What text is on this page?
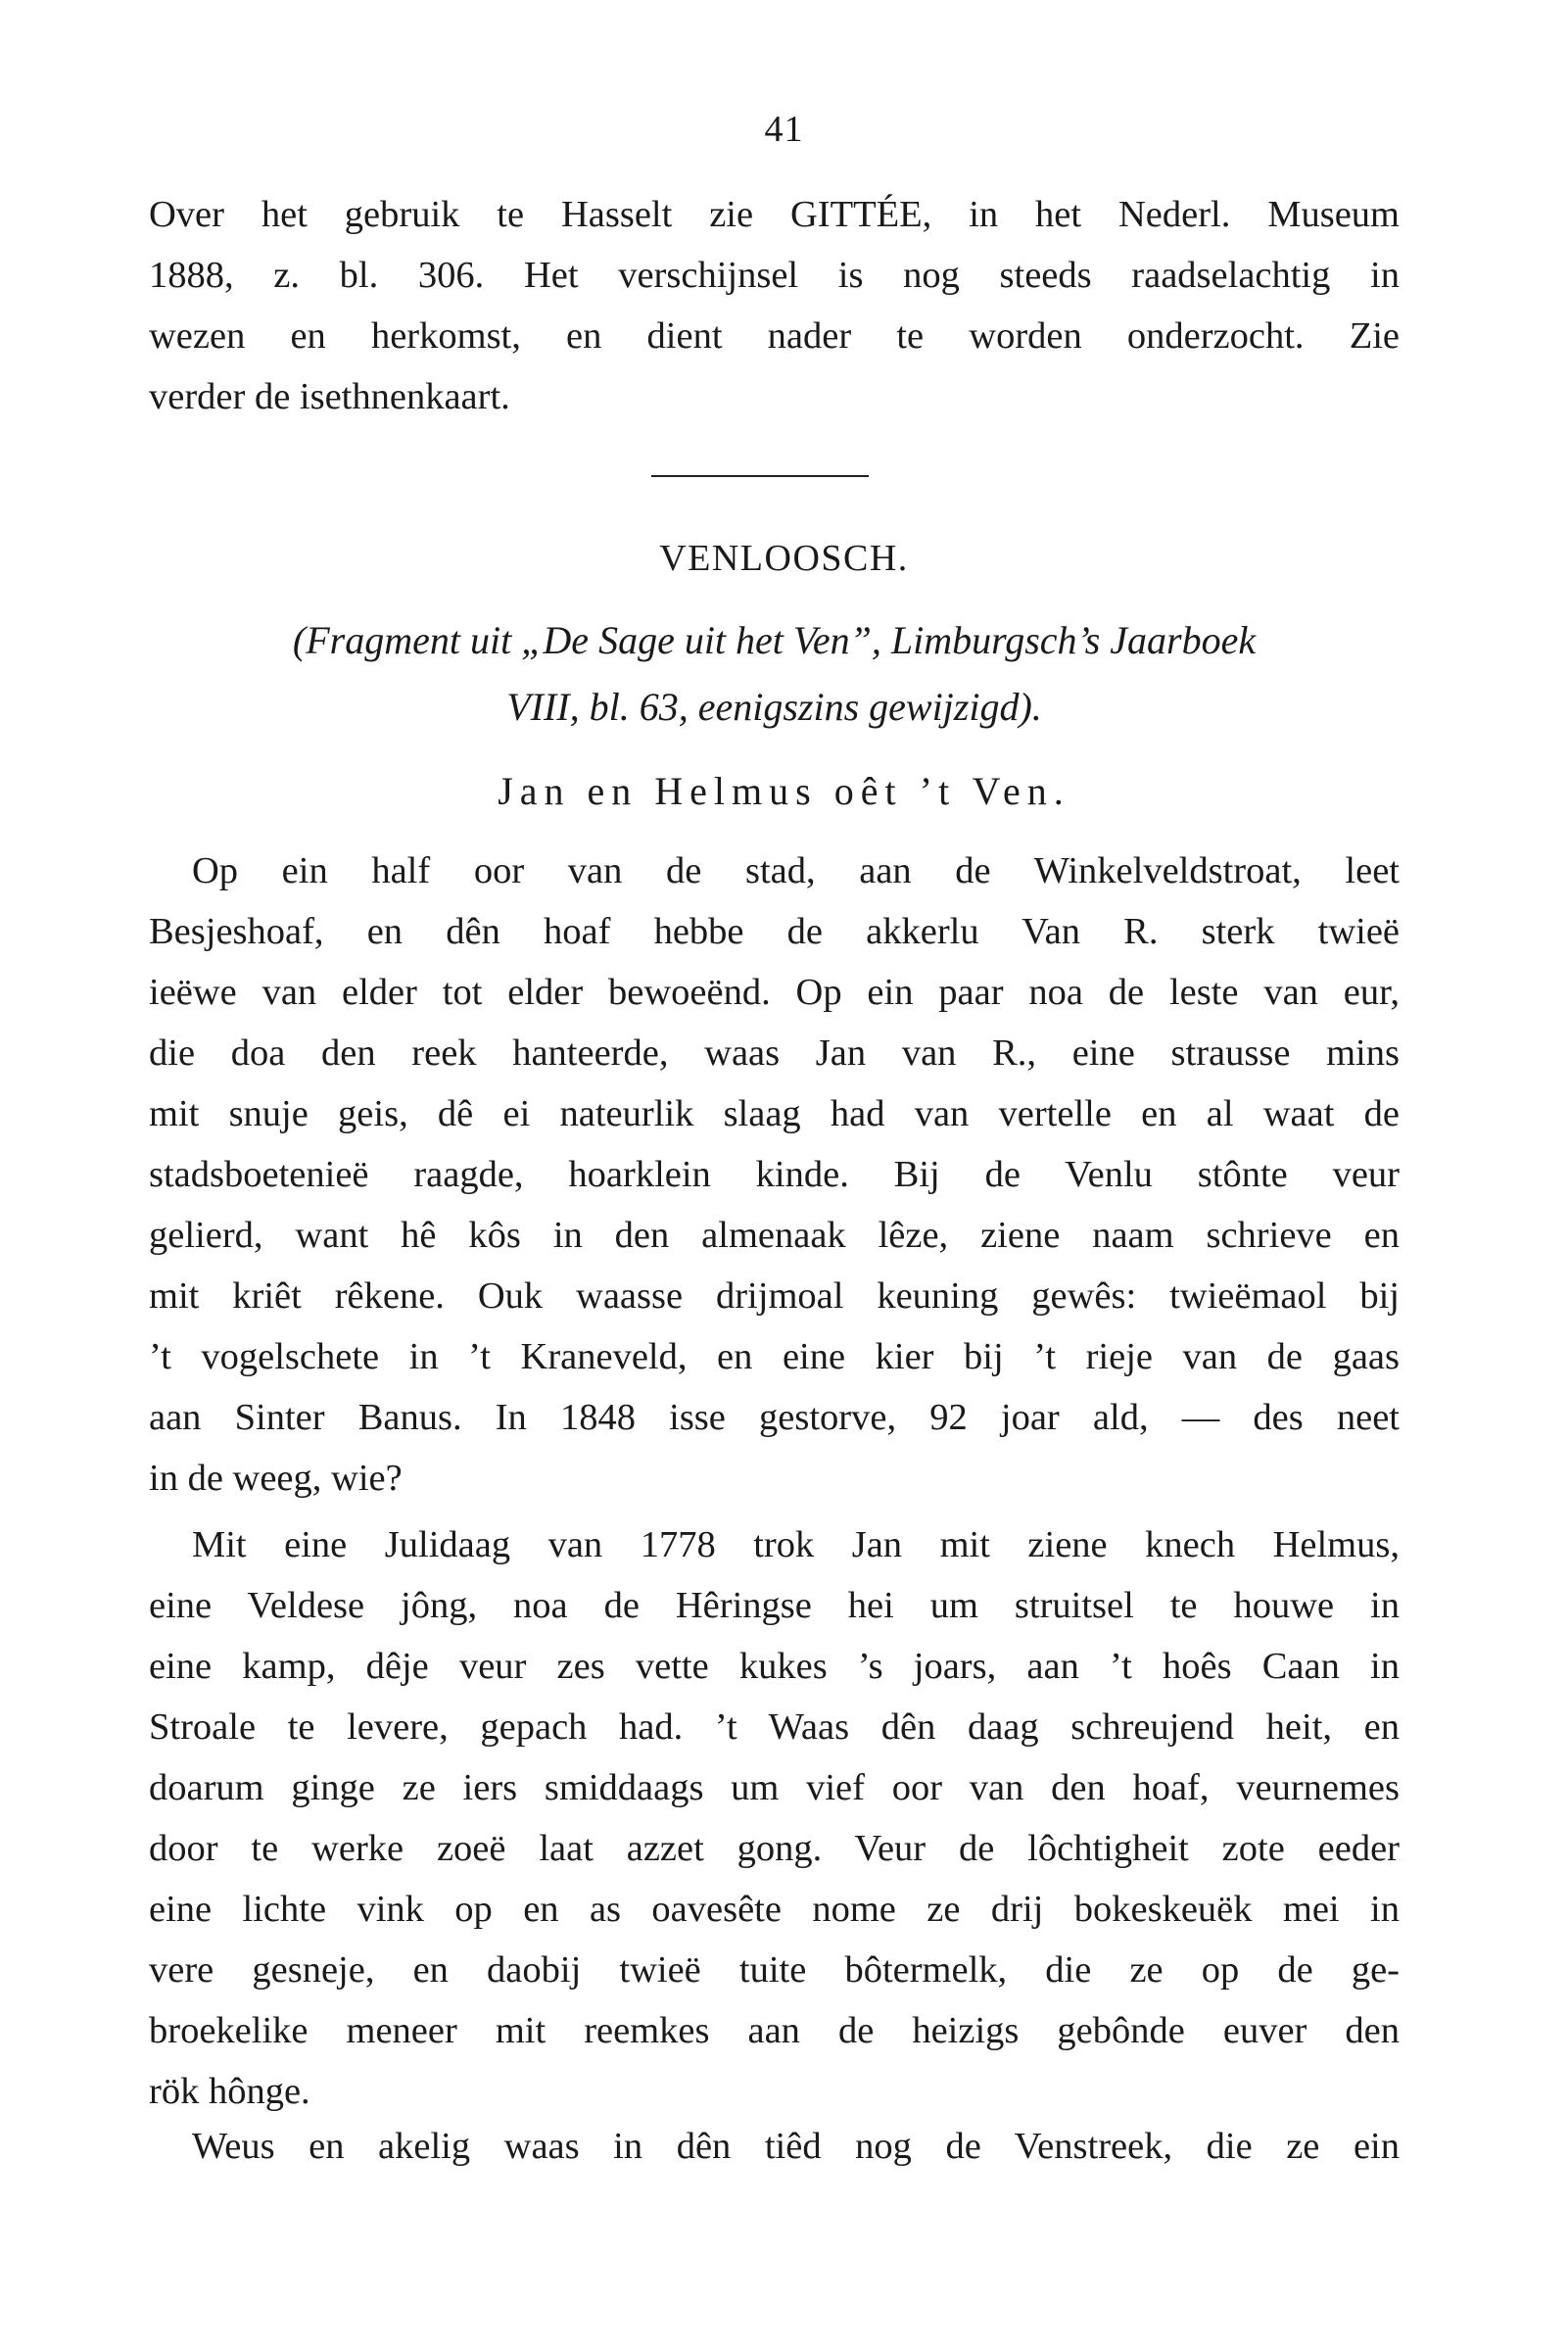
41
Over het gebruik te Hasselt zie GITTÉE, in het Nederl. Museum
1888, z. bl. 306. Het verschijnsel is nog steeds raadselachtig in
wezen en herkomst, en dient nader te worden onderzocht. Zie
verder de isethnenkaart.
VENLOOSCH.
(Fragment uit „De Sage uit het Ven”, Limburgsch’s Jaarboek
VIII, bl. 63, eenigszins gewijzigd).
Jan en Helmus oêt ’t Ven.
Op ein half oor van de stad, aan de Winkelveldstroat, leet
Besjeshoaf, en dên hoaf hebbe de akkerlu Van R. sterk twieë
ieëwe van elder tot elder bewoeënd. Op ein paar noa de leste van eur,
die doa den reek hanteerde, waas Jan van R., eine strausse mins
mit snuje geis, dê ei nateurlik slaag had van vertelle en al waat de
stadsboetenieë raagde, hoarklein kinde. Bij de Venlu stônte veur
gelierd, want hê kôs in den almenaak lêze, ziene naam schrieve en
mit kriêt rêkene. Ouk waasse drijmoal keuning gewês: twieëmaol bij
’t vogelschete in ’t Kraneveld, en eine kier bij ’t rieje van de gaas
aan Sinter Banus. In 1848 isse gestorve, 92 joar ald, — des neet
in de weeg, wie?
Mit eine Julidaag van 1778 trok Jan mit ziene knech Helmus,
eine Veldese jông, noa de Hêringse hei um struitsel te houwe in
eine kamp, dêje veur zes vette kukes ’s joars, aan ’t hoês Caan in
Stroale te levere, gepach had. ’t Waas dên daag schreujend heit, en
doarum ginge ze iers smiddaags um vief oor van den hoaf, veurnemes
door te werke zoeë laat azzet gong. Veur de lôchtigheit zote eeder
eine lichte vink op en as oavesête nome ze drij bokeskeuëk mei in
vere gesneje, en daobij twieë tuite bôtermelk, die ze op de ge-
broekelike meneer mit reemkes aan de heizigs gebônde euver den
rök hônge.
Weus en akelig waas in dên tiêd nog de Venstreek, die ze ein
